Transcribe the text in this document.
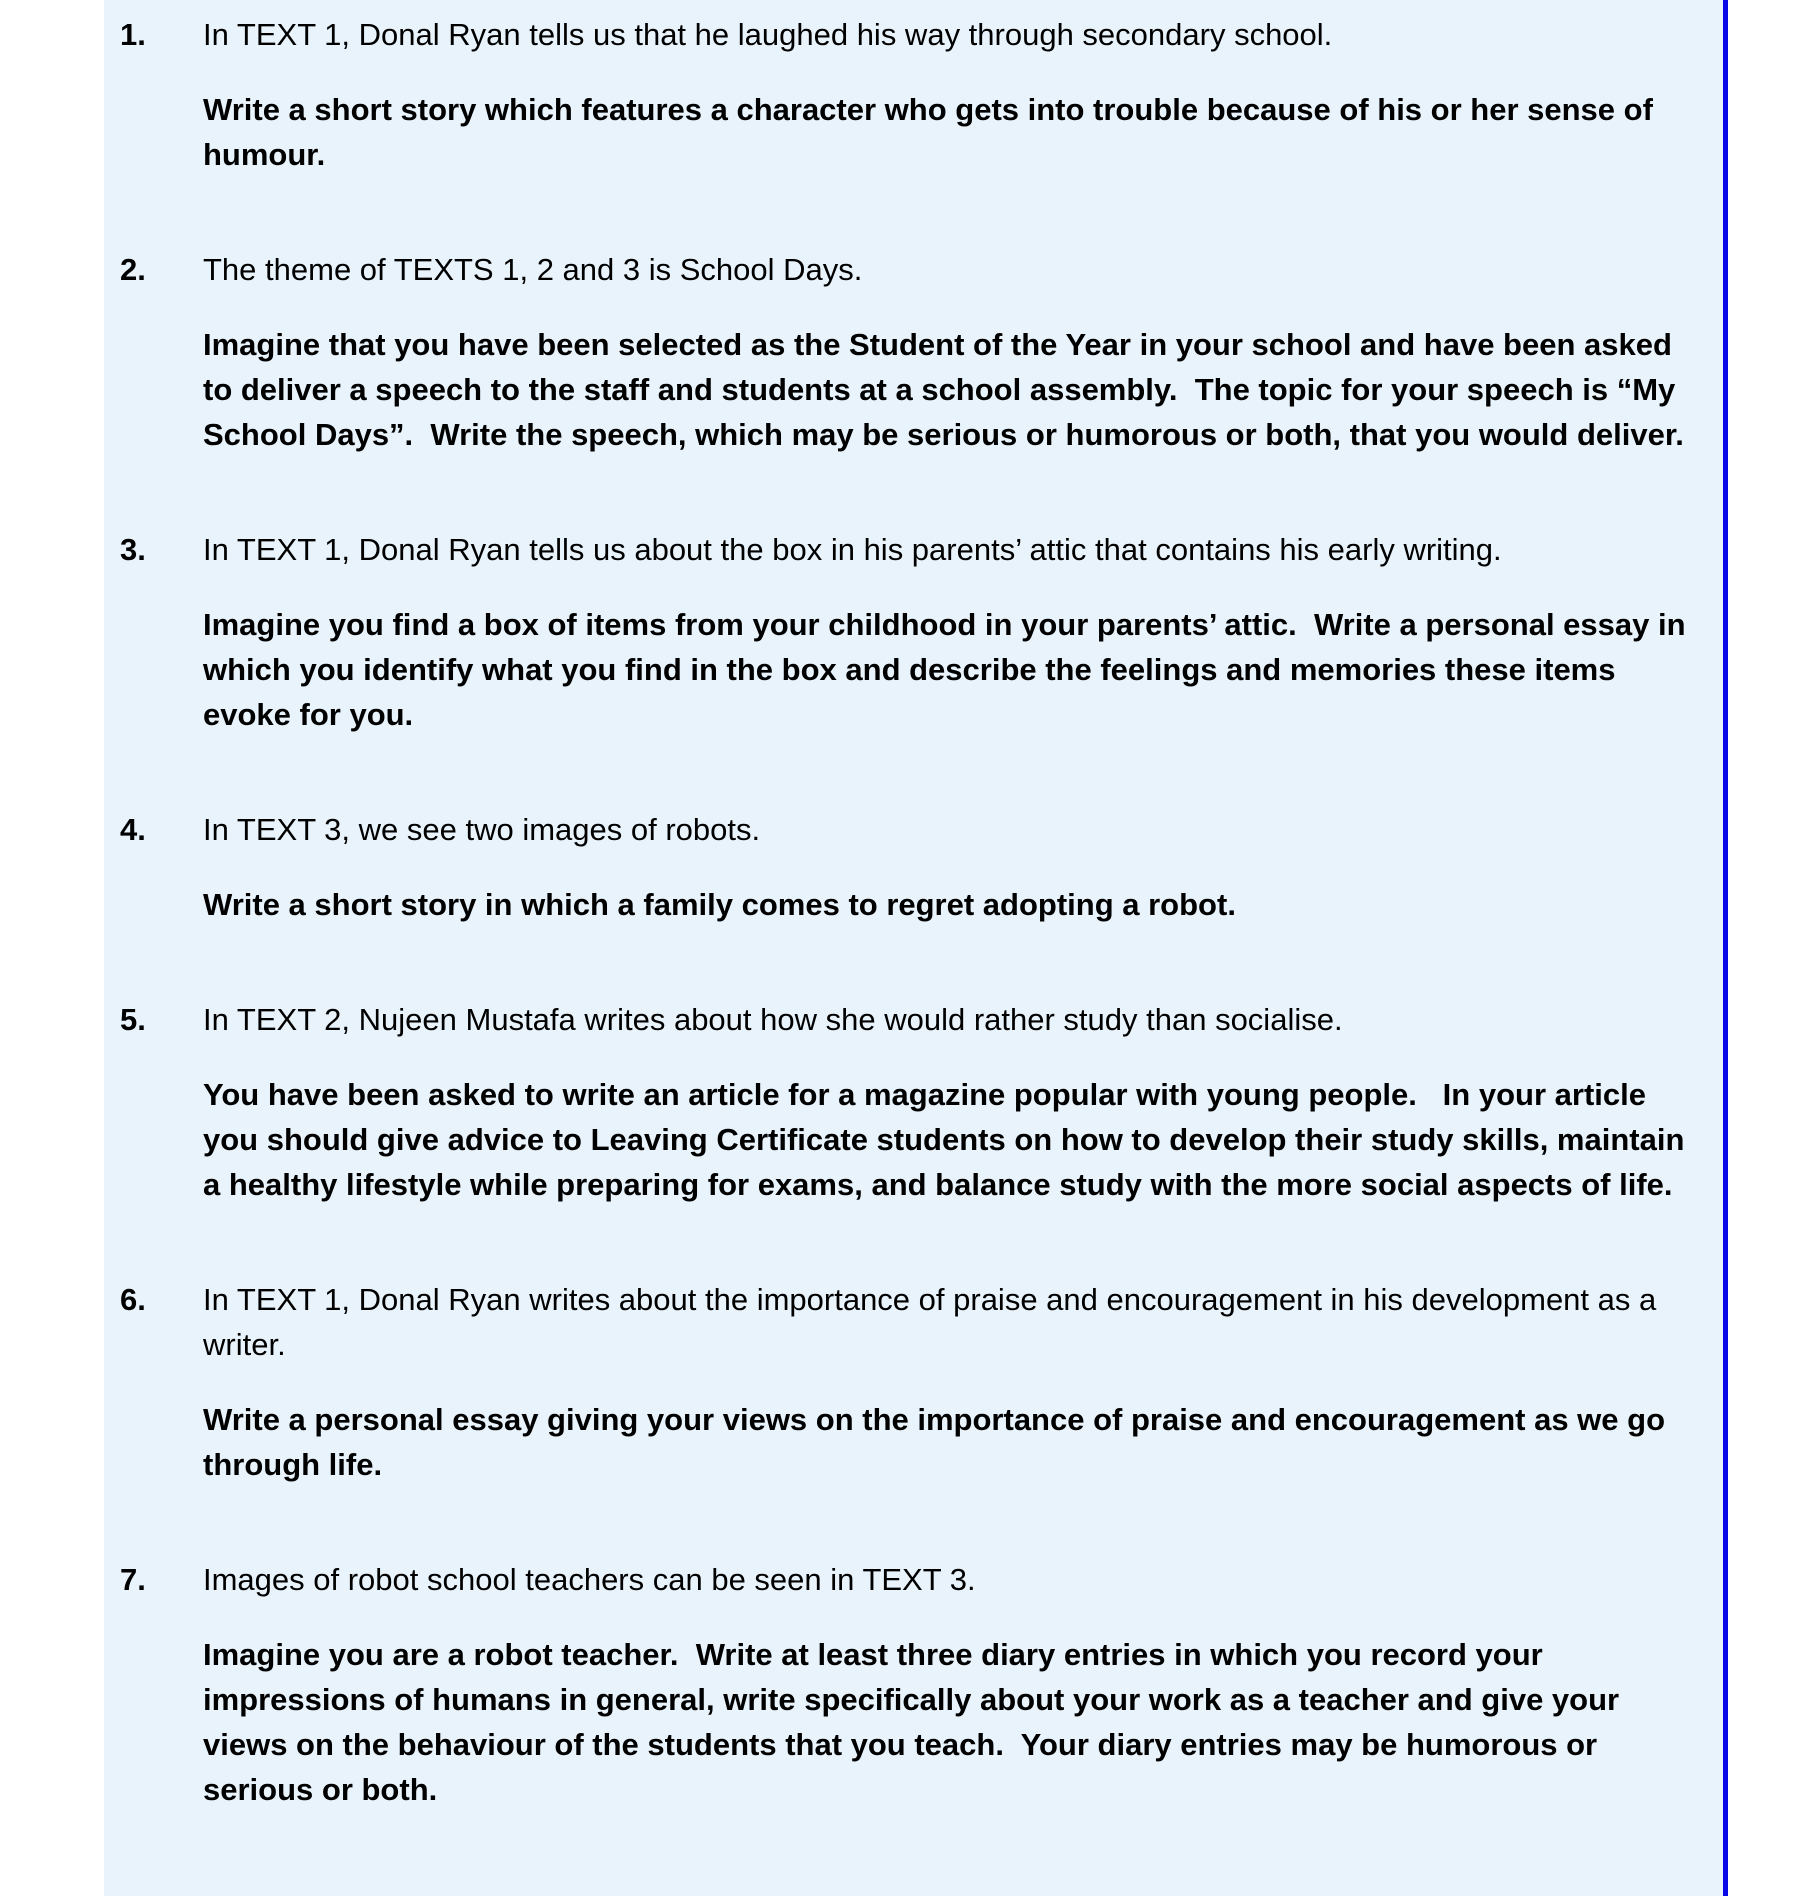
1.	In TEXT 1, Donal Ryan tells us that he laughed his way through secondary school.

Write a short story which features a character who gets into trouble because of his or her sense of humour.

2.	The theme of TEXTS 1, 2 and 3 is School Days.

Imagine that you have been selected as the Student of the Year in your school and have been asked to deliver a speech to the staff and students at a school assembly.  The topic for your speech is “My School Days”.  Write the speech, which may be serious or humorous or both, that you would deliver.

3.	In TEXT 1, Donal Ryan tells us about the box in his parents’ attic that contains his early writing.

Imagine you find a box of items from your childhood in your parents’ attic.  Write a personal essay in which you identify what you find in the box and describe the feelings and memories these items evoke for you.

4.	In TEXT 3, we see two images of robots.

Write a short story in which a family comes to regret adopting a robot.

5.	In TEXT 2, Nujeen Mustafa writes about how she would rather study than socialise.

You have been asked to write an article for a magazine popular with young people.   In your article you should give advice to Leaving Certificate students on how to develop their study skills, maintain a healthy lifestyle while preparing for exams, and balance study with the more social aspects of life.

6.	In TEXT 1, Donal Ryan writes about the importance of praise and encouragement in his development as a writer.

Write a personal essay giving your views on the importance of praise and encouragement as we go through life.

7.	Images of robot school teachers can be seen in TEXT 3.

Imagine you are a robot teacher.  Write at least three diary entries in which you record your impressions of humans in general, write specifically about your work as a teacher and give your views on the behaviour of the students that you teach.  Your diary entries may be humorous or serious or both.
